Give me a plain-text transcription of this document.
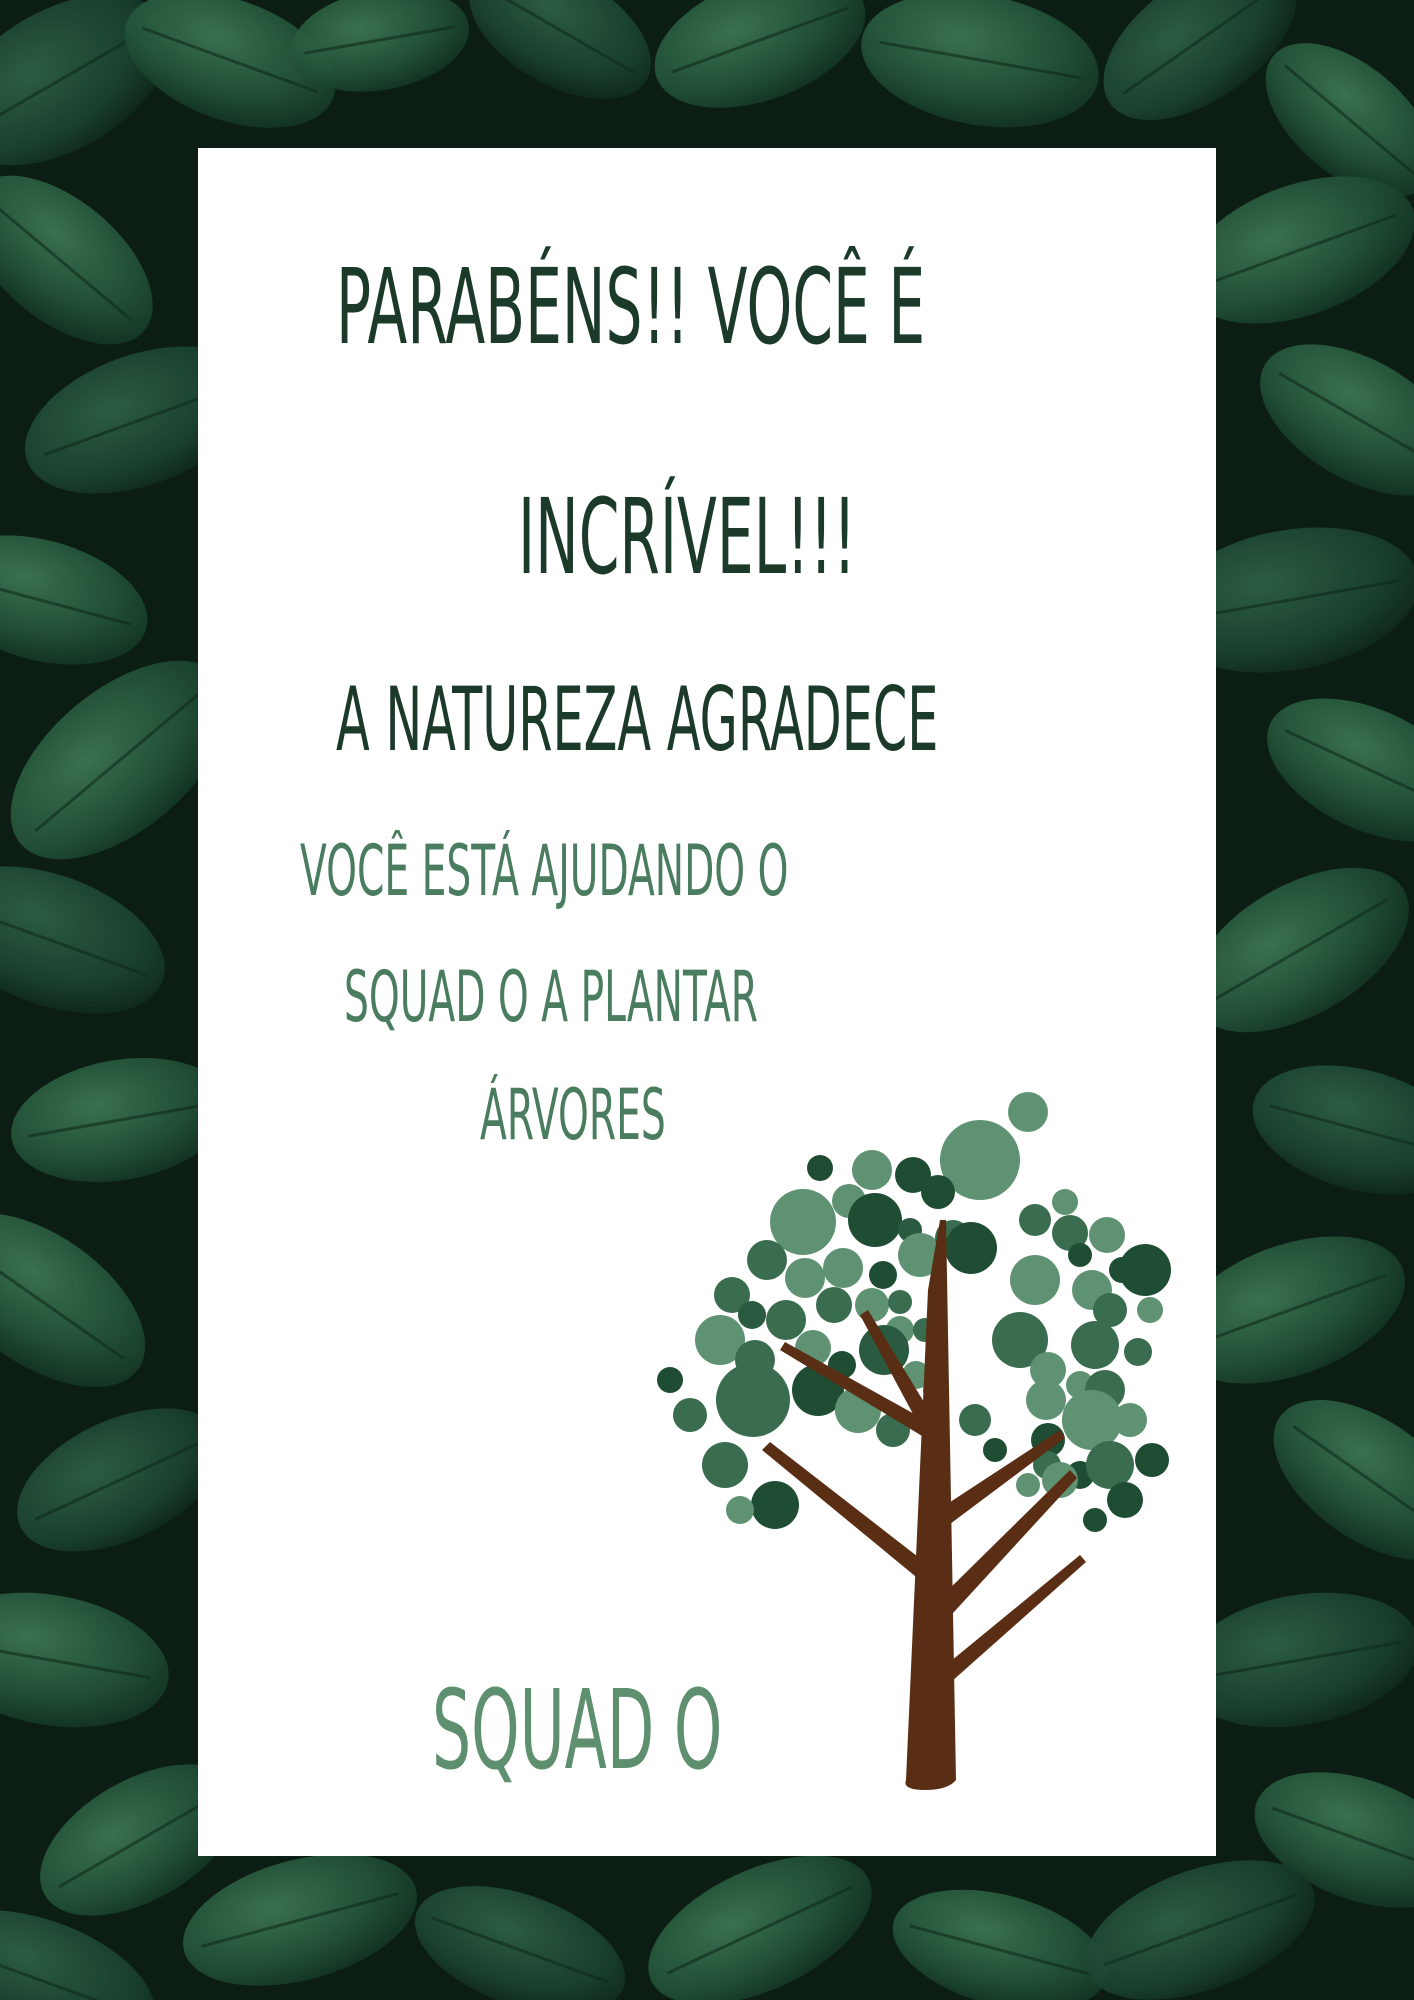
PARABÉNS!! VOCÊ É
INCRÍVEL!!!
A NATUREZA AGRADECE
VOCÊ ESTÁ AJUDANDO O
SQUAD O A PLANTAR
ÁRVORES
SQUAD O
